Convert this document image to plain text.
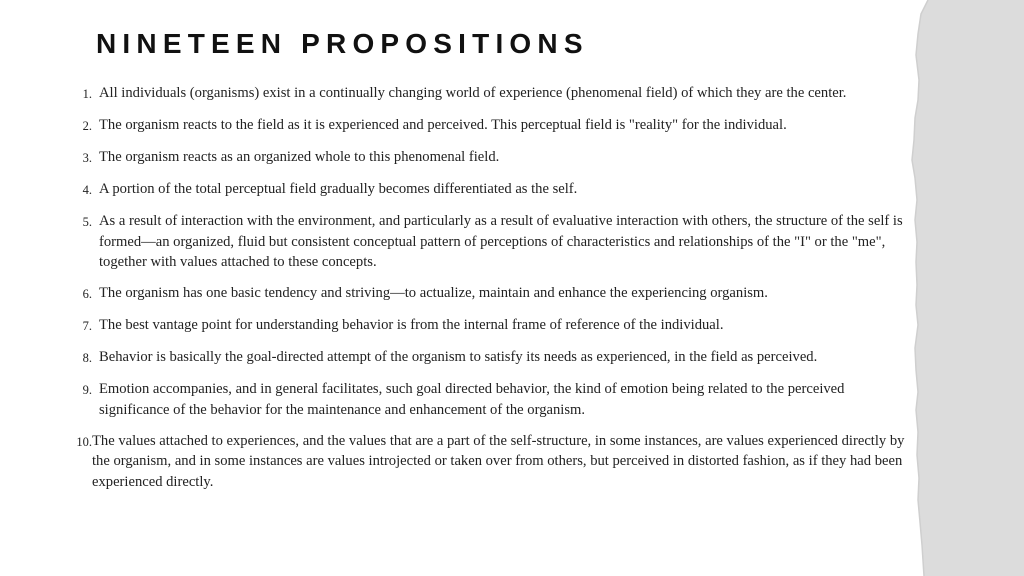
NINETEEN PROPOSITIONS
1. All individuals (organisms) exist in a continually changing world of experience (phenomenal field) of which they are the center.
2. The organism reacts to the field as it is experienced and perceived. This perceptual field is "reality" for the individual.
3. The organism reacts as an organized whole to this phenomenal field.
4. A portion of the total perceptual field gradually becomes differentiated as the self.
5. As a result of interaction with the environment, and particularly as a result of evaluative interaction with others, the structure of the self is formed—an organized, fluid but consistent conceptual pattern of perceptions of characteristics and relationships of the "I" or the "me", together with values attached to these concepts.
6. The organism has one basic tendency and striving—to actualize, maintain and enhance the experiencing organism.
7. The best vantage point for understanding behavior is from the internal frame of reference of the individual.
8. Behavior is basically the goal-directed attempt of the organism to satisfy its needs as experienced, in the field as perceived.
9. Emotion accompanies, and in general facilitates, such goal directed behavior, the kind of emotion being related to the perceived significance of the behavior for the maintenance and enhancement of the organism.
10. The values attached to experiences, and the values that are a part of the self-structure, in some instances, are values experienced directly by the organism, and in some instances are values introjected or taken over from others, but perceived in distorted fashion, as if they had been experienced directly.
